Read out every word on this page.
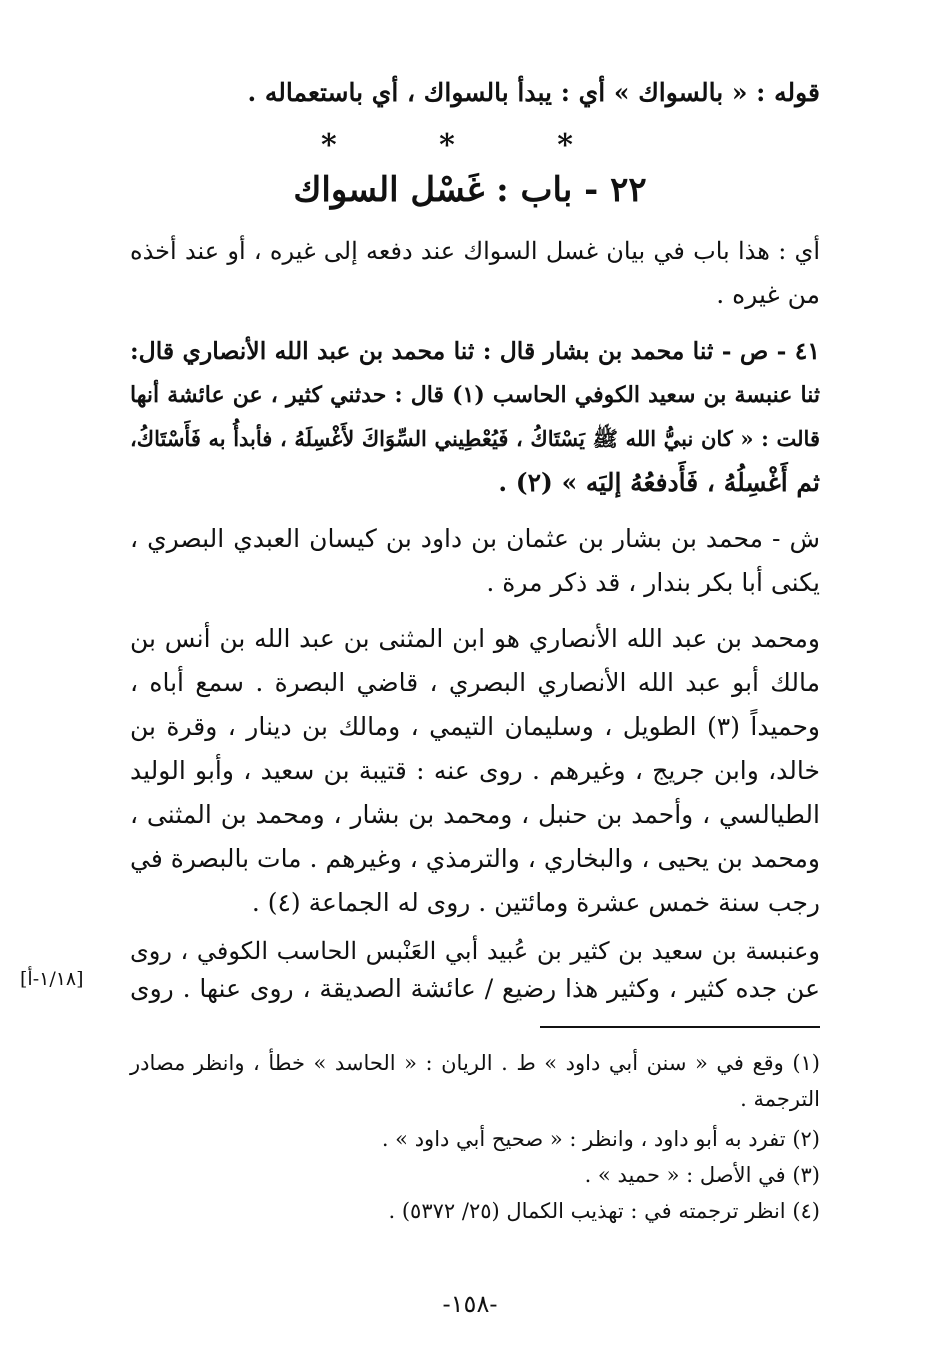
قوله : « بالسواك » أي : يبدأ بالسواك ، أي باستعماله .
* * *
٢٢ - باب : غَسْل السواك
أي : هذا باب في بيان غسل السواك عند دفعه إلى غيره ، أو عند أخذه
من غيره .
٤١ - ص - ثنا محمد بن بشار قال : ثنا محمد بن عبد الله الأنصاري قال:
ثنا عنبسة بن سعيد الكوفي الحاسب (١) قال : حدثني كثير ، عن عائشة أنها
قالت : « كان نبيُّ الله ﷺ يَسْتَاكُ ، فَيُعْطِيني السِّوَاكَ لأَغْسِلَهُ ، فأبدأُ به فَأَسْتَاكُ،
ثم أَغْسِلُهُ ، فَأَدفعُهُ إليَه » (٢) .
ش - محمد بن بشار بن عثمان بن داود بن كيسان العبدي البصري ،
يكنى أبا بكر بندار ، قد ذكر مرة .
ومحمد بن عبد الله الأنصاري هو ابن المثنى بن عبد الله بن أنس بن
مالك أبو عبد الله الأنصاري البصري ، قاضي البصرة . سمع أباه ،
وحميداً (٣) الطويل ، وسليمان التيمي ، ومالك بن دينار ، وقرة بن
خالد، وابن جريج ، وغيرهم . روى عنه : قتيبة بن سعيد ، وأبو الوليد
الطيالسي ، وأحمد بن حنبل ، ومحمد بن بشار ، ومحمد بن المثنى ،
ومحمد بن يحيى ، والبخاري ، والترمذي ، وغيرهم . مات بالبصرة في
رجب سنة خمس عشرة ومائتين . روى له الجماعة (٤) .
وعنبسة بن سعيد بن كثير بن عُبيد أبي العَنْبس الحاسب الكوفي ، روى
عن جده كثير ، وكثير هذا رضيع / عائشة الصديقة ، روى عنها . روى
[١/١٨-أ]
(١) وقع في « سنن أبي داود » ط . الريان : « الحاسد » خطأ ، وانظر مصادر
الترجمة .
(٢) تفرد به أبو داود ، وانظر : « صحيح أبي داود » .
(٣) في الأصل : « حميد » .
(٤) انظر ترجمته في : تهذيب الكمال (٢٥/ ٥٣٧٢) .
-١٥٨-
